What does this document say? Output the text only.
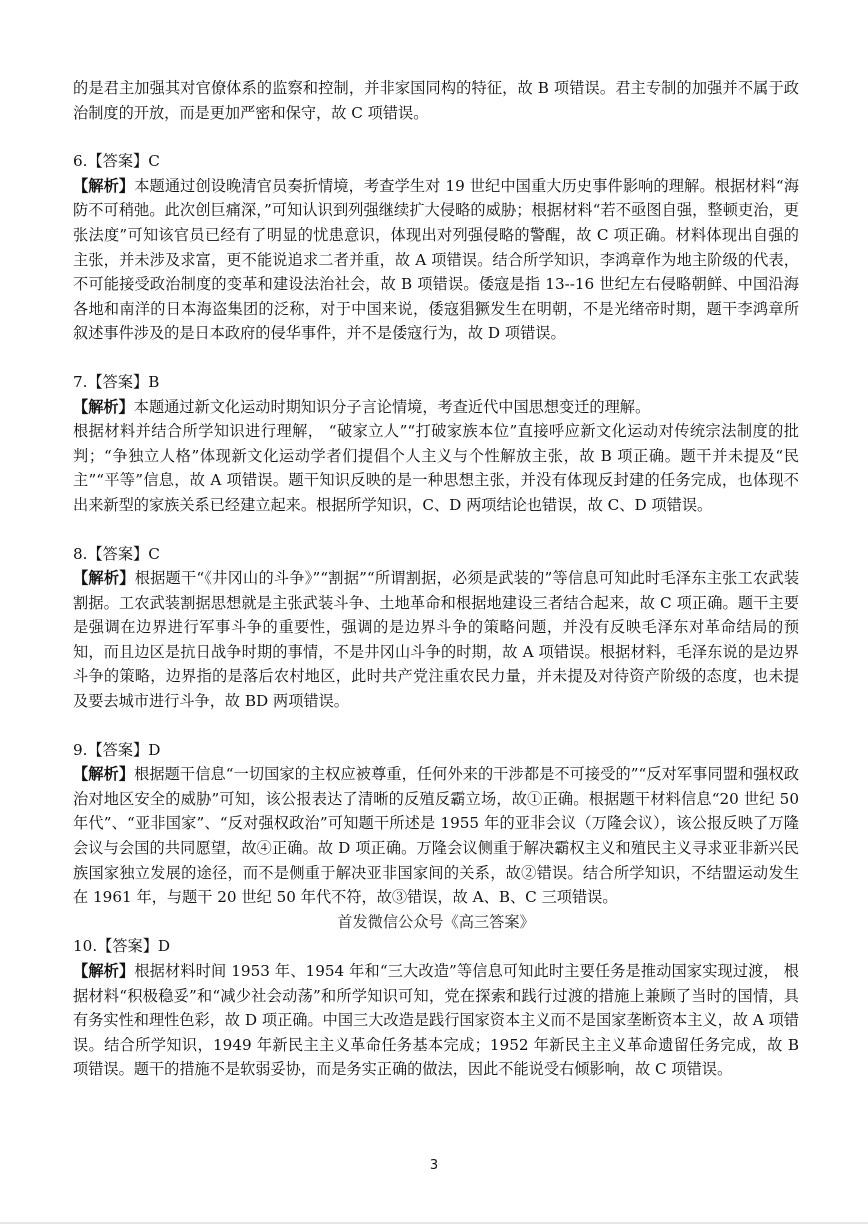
的是君主加强其对官僚体系的监察和控制，并非家国同构的特征，故 B 项错误。君主专制的加强并不属于政治制度的开放，而是更加严密和保守，故 C 项错误。

6.【答案】C

【解析】本题通过创设晚清官员奏折情境，考查学生对 19 世纪中国重大历史事件影响的理解。根据材料“海防不可稍弛。此次创巨痛深，”可知认识到列强继续扩大侵略的威胁；根据材料“若不亟图自强，整顿吏治，更张法度”可知该官员已经有了明显的忧患意识，体现出对列强侵略的警醒，故 C 项正确。材料体现出自强的主张，并未涉及求富，更不能说追求二者并重，故 A 项错误。结合所学知识，李鸿章作为地主阶级的代表，不可能接受政治制度的变革和建设法治社会，故 B 项错误。倭寇是指 13--16 世纪左右侵略朝鲜、中国沿海各地和南洋的日本海盗集团的泛称，对于中国来说，倭寇猖獗发生在明朝，不是光绪帝时期，题干李鸿章所叙述事件涉及的是日本政府的侵华事件，并不是倭寇行为，故 D 项错误。

7.【答案】B

【解析】本题通过新文化运动时期知识分子言论情境，考查近代中国思想变迁的理解。

根据材料并结合所学知识进行理解， “破家立人”“打破家族本位”直接呼应新文化运动对传统宗法制度的批判；“争独立人格”体现新文化运动学者们提倡个人主义与个性解放主张，故 B 项正确。题干并未提及“民主”“平等”信息，故 A 项错误。题干知识反映的是一种思想主张，并没有体现反封建的任务完成，也体现不出来新型的家族关系已经建立起来。根据所学知识，C、D 两项结论也错误，故 C、D 项错误。

8.【答案】C

【解析】根据题干“《井冈山的斗争》”“割据”“所谓割据，必须是武装的”等信息可知此时毛泽东主张工农武装割据。工农武装割据思想就是主张武装斗争、土地革命和根据地建设三者结合起来，故 C 项正确。题干主要是强调在边界进行军事斗争的重要性，强调的是边界斗争的策略问题，并没有反映毛泽东对革命结局的预知，而且边区是抗日战争时期的事情，不是井冈山斗争的时期，故 A 项错误。根据材料，毛泽东说的是边界斗争的策略，边界指的是落后农村地区，此时共产党注重农民力量，并未提及对待资产阶级的态度，也未提及要去城市进行斗争，故 BD 两项错误。

9.【答案】D

【解析】根据题干信息“一切国家的主权应被尊重，任何外来的干涉都是不可接受的”“反对军事同盟和强权政治对地区安全的威胁”可知，该公报表达了清晰的反殖反霸立场，故①正确。根据题干材料信息“20 世纪 50 年代”、“亚非国家”、“反对强权政治”可知题干所述是 1955 年的亚非会议（万隆会议），该公报反映了万隆会议与会国的共同愿望，故④正确。故 D 项正确。万隆会议侧重于解决霸权主义和殖民主义寻求亚非新兴民族国家独立发展的途径，而不是侧重于解决亚非国家间的关系，故②错误。结合所学知识，不结盟运动发生在 1961 年，与题干 20 世纪 50 年代不符，故③错误，故 A、B、C 三项错误。

首发微信公众号《高三答案》

10.【答案】D

【解析】根据材料时间 1953 年、1954 年和“三大改造”等信息可知此时主要任务是推动国家实现过渡， 根据材料“积极稳妥”和“减少社会动荡”和所学知识可知，党在探索和践行过渡的措施上兼顾了当时的国情，具有务实性和理性色彩，故 D 项正确。中国三大改造是践行国家资本主义而不是国家垄断资本主义，故 A 项错误。结合所学知识，1949 年新民主主义革命任务基本完成；1952 年新民主主义革命遗留任务完成，故 B 项错误。题干的措施不是软弱妥协，而是务实正确的做法，因此不能说受右倾影响，故 C 项错误。

3
